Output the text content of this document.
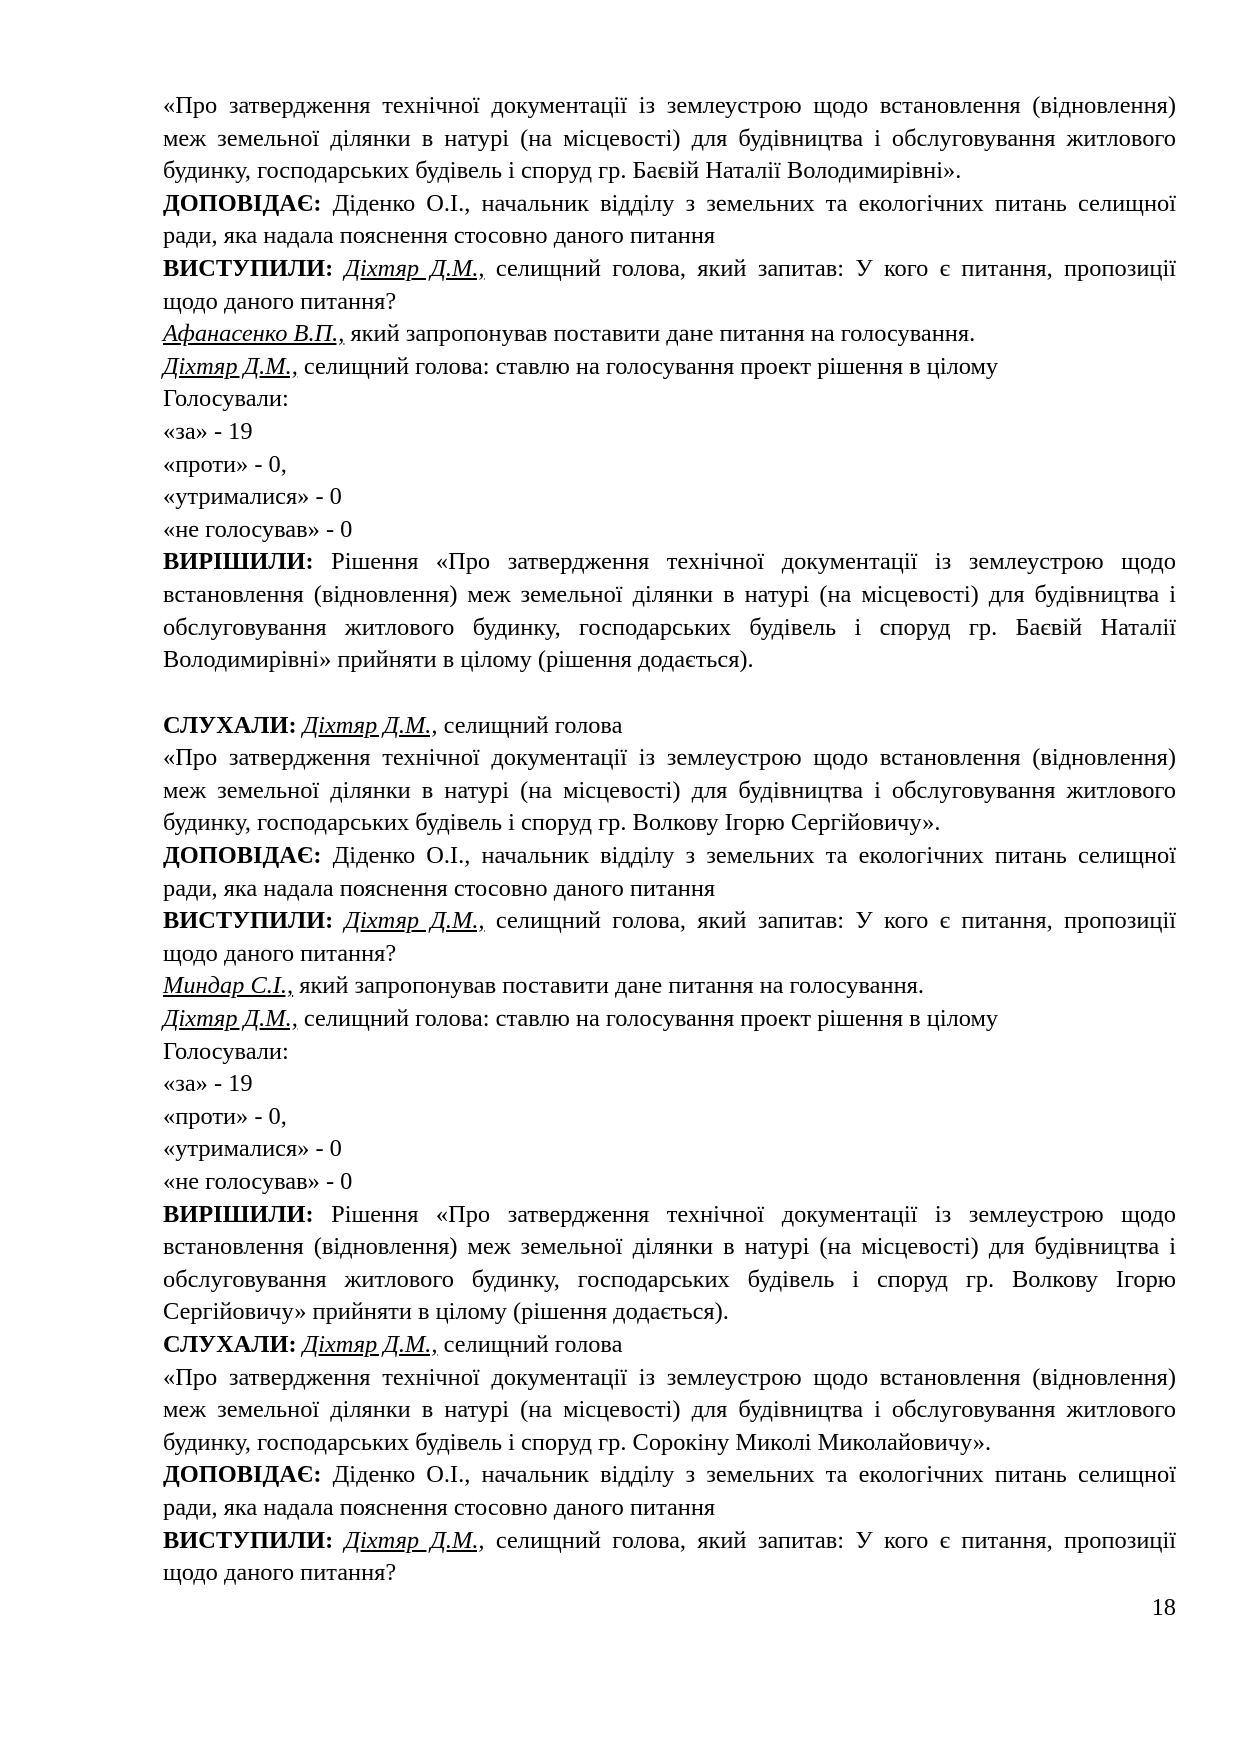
«Про затвердження технічної документації із землеустрою щодо встановлення (відновлення) меж земельної ділянки в натурі (на місцевості) для будівництва і обслуговування житлового будинку, господарських будівель і споруд гр. Баєвій Наталії Володимирівні».

ДОПОВІДАЄ: Діденко О.І., начальник відділу з земельних та екологічних питань селищної ради, яка надала пояснення стосовно даного питання

ВИСТУПИЛИ: Діхтяр Д.М., селищний голова, який запитав: У кого є питання, пропозиції щодо даного питання?

Афанасенко В.П., який запропонував поставити дане питання на голосування.

Діхтяр Д.М., селищний голова: ставлю на голосування проект рішення в цілому

Голосували:

«за» - 19

«проти» - 0,

«утрималися» - 0

«не голосував» - 0

ВИРІШИЛИ: Рішення «Про затвердження технічної документації із землеустрою щодо встановлення (відновлення) меж земельної ділянки в натурі (на місцевості) для будівництва і обслуговування житлового будинку, господарських будівель і споруд гр. Баєвій Наталії Володимирівні» прийняти в цілому (рішення додається).

СЛУХАЛИ: Діхтяр Д.М., селищний голова

«Про затвердження технічної документації із землеустрою щодо встановлення (відновлення) меж земельної ділянки в натурі (на місцевості) для будівництва і обслуговування житлового будинку, господарських будівель і споруд гр. Волкову Ігорю Сергійовичу».

ДОПОВІДАЄ: Діденко О.І., начальник відділу з земельних та екологічних питань селищної ради, яка надала пояснення стосовно даного питання

ВИСТУПИЛИ: Діхтяр Д.М., селищний голова, який запитав: У кого є питання, пропозиції щодо даного питання?

Миндар С.І., який запропонував поставити дане питання на голосування.

Діхтяр Д.М., селищний голова: ставлю на голосування проект рішення в цілому

Голосували:

«за» - 19

«проти» - 0,

«утрималися» - 0

«не голосував» - 0

ВИРІШИЛИ: Рішення «Про затвердження технічної документації із землеустрою щодо встановлення (відновлення) меж земельної ділянки в натурі (на місцевості) для будівництва і обслуговування житлового будинку, господарських будівель і споруд гр. Волкову Ігорю Сергійовичу» прийняти в цілому (рішення додається).

СЛУХАЛИ: Діхтяр Д.М., селищний голова

«Про затвердження технічної документації із землеустрою щодо встановлення (відновлення) меж земельної ділянки в натурі (на місцевості) для будівництва і обслуговування житлового будинку, господарських будівель і споруд гр. Сорокіну Миколі Миколайовичу».

ДОПОВІДАЄ: Діденко О.І., начальник відділу з земельних та екологічних питань селищної ради, яка надала пояснення стосовно даного питання

ВИСТУПИЛИ: Діхтяр Д.М., селищний голова, який запитав: У кого є питання, пропозиції щодо даного питання?

18
